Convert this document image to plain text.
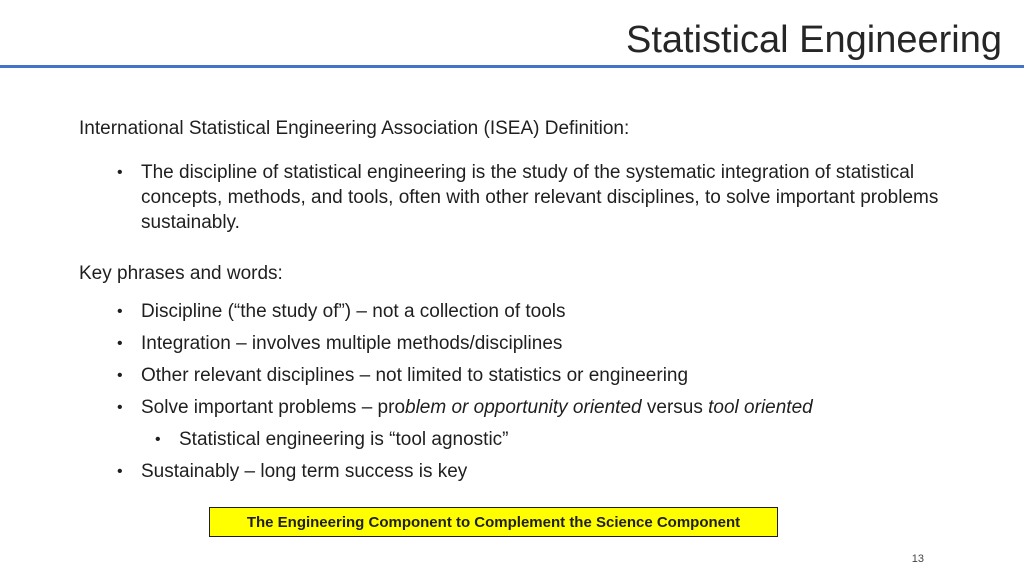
Statistical Engineering

International Statistical Engineering Association (ISEA) Definition:

• The discipline of statistical engineering is the study of the systematic integration of statistical concepts, methods, and tools, often with other relevant disciplines, to solve important problems sustainably.

Key phrases and words:

• Discipline (“the study of”) – not a collection of tools
• Integration – involves multiple methods/disciplines
• Other relevant disciplines – not limited to statistics or engineering
• Solve important problems – problem or opportunity oriented versus tool oriented
• Statistical engineering is “tool agnostic”
• Sustainably – long term success is key
The Engineering Component to Complement the Science Component
13
